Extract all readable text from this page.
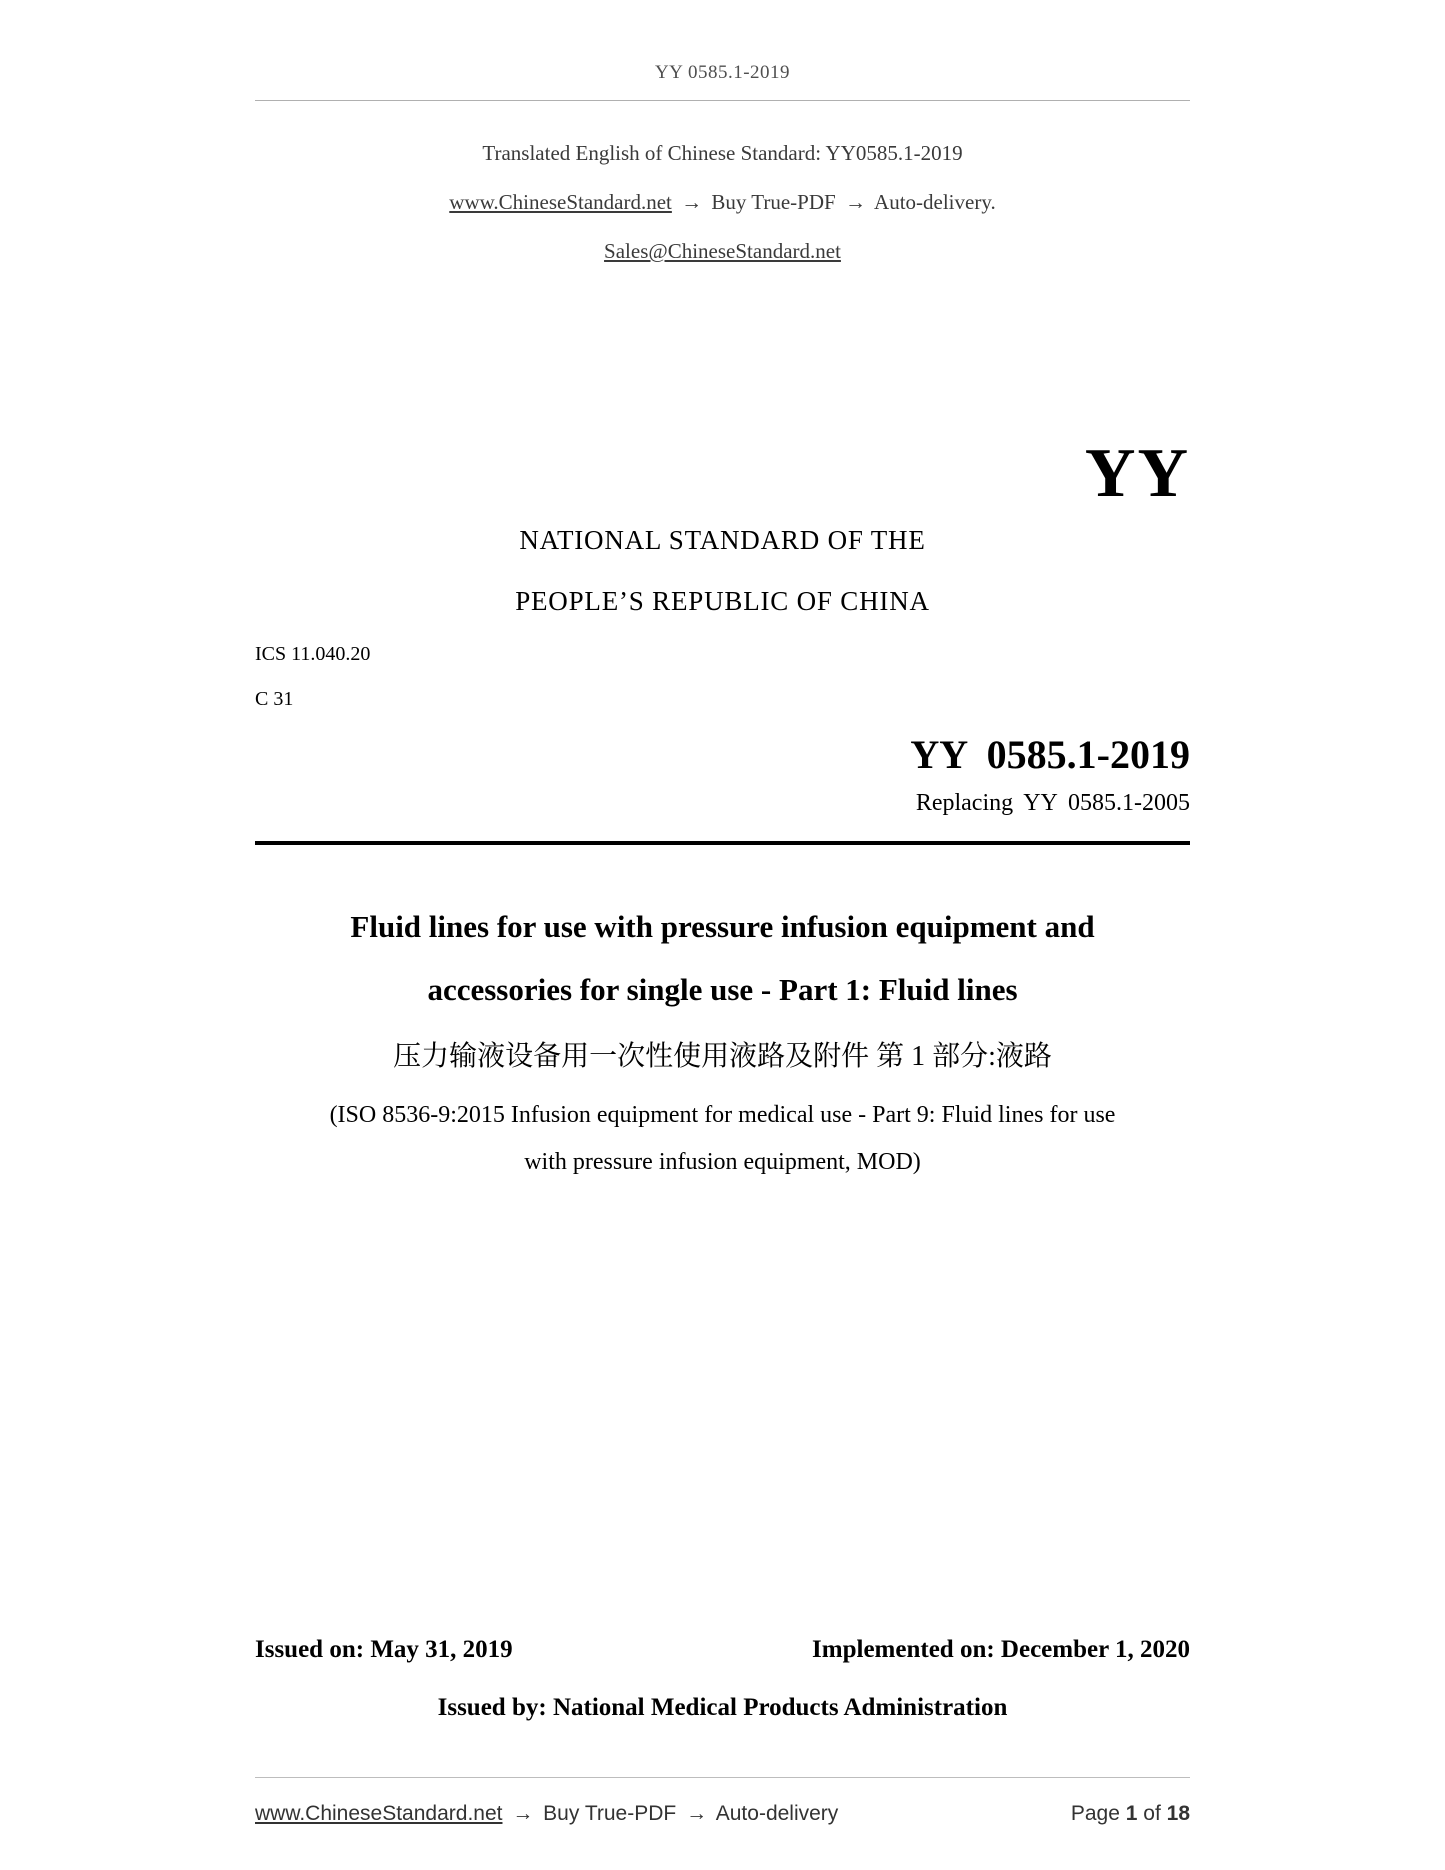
YY 0585.1-2019

Translated English of Chinese Standard: YY0585.1-2019

www.ChineseStandard.net → Buy True-PDF → Auto-delivery.

Sales@ChineseStandard.net

YY

NATIONAL STANDARD OF THE

PEOPLE’S REPUBLIC OF CHINA

ICS 11.040.20

C 31

YY 0585.1-2019
Replacing YY 0585.1-2005

Fluid lines for use with pressure infusion equipment and

accessories for single use - Part 1: Fluid lines

压力输液设备用一次性使用液路及附件 第 1 部分:液路

(ISO 8536-9:2015 Infusion equipment for medical use - Part 9: Fluid lines for use

with pressure infusion equipment, MOD)

Issued on: May 31, 2019	Implemented on: December 1, 2020
Issued by: National Medical Products Administration
www.ChineseStandard.net → Buy True-PDF → Auto-delivery	Page 1 of 18
